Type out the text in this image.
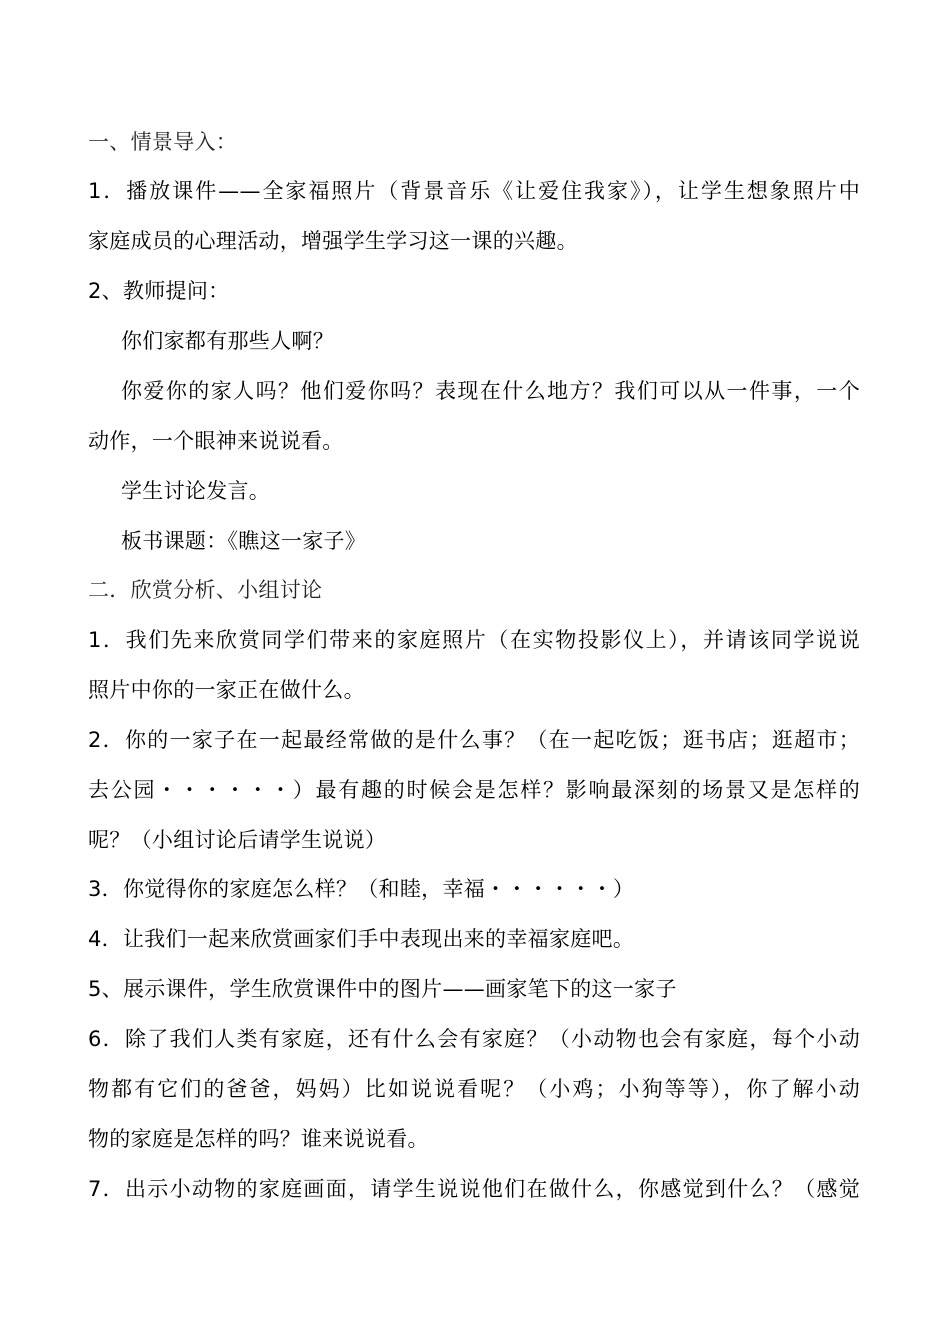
一、情景导入：
1．播放课件——全家福照片（背景音乐《让爱住我家》），让学生想象照片中
家庭成员的心理活动，增强学生学习这一课的兴趣。
2、教师提问：
你们家都有那些人啊？
你爱你的家人吗？他们爱你吗？表现在什么地方？我们可以从一件事，一个
动作，一个眼神来说说看。
学生讨论发言。
板书课题：《瞧这一家子》
二．欣赏分析、小组讨论
1．我们先来欣赏同学们带来的家庭照片（在实物投影仪上），并请该同学说说
照片中你的一家正在做什么。
2．你的一家子在一起最经常做的是什么事？（在一起吃饭；逛书店；逛超市；
去公园・・・・・・）最有趣的时候会是怎样？影响最深刻的场景又是怎样的
呢？（小组讨论后请学生说说）
3．你觉得你的家庭怎么样？（和睦，幸福・・・・・・）
4．让我们一起来欣赏画家们手中表现出来的幸福家庭吧。
5、展示课件，学生欣赏课件中的图片——画家笔下的这一家子
6．除了我们人类有家庭，还有什么会有家庭？（小动物也会有家庭，每个小动
物都有它们的爸爸，妈妈）比如说说看呢？（小鸡；小狗等等），你了解小动
物的家庭是怎样的吗？谁来说说看。
7．出示小动物的家庭画面，请学生说说他们在做什么，你感觉到什么？（感觉
